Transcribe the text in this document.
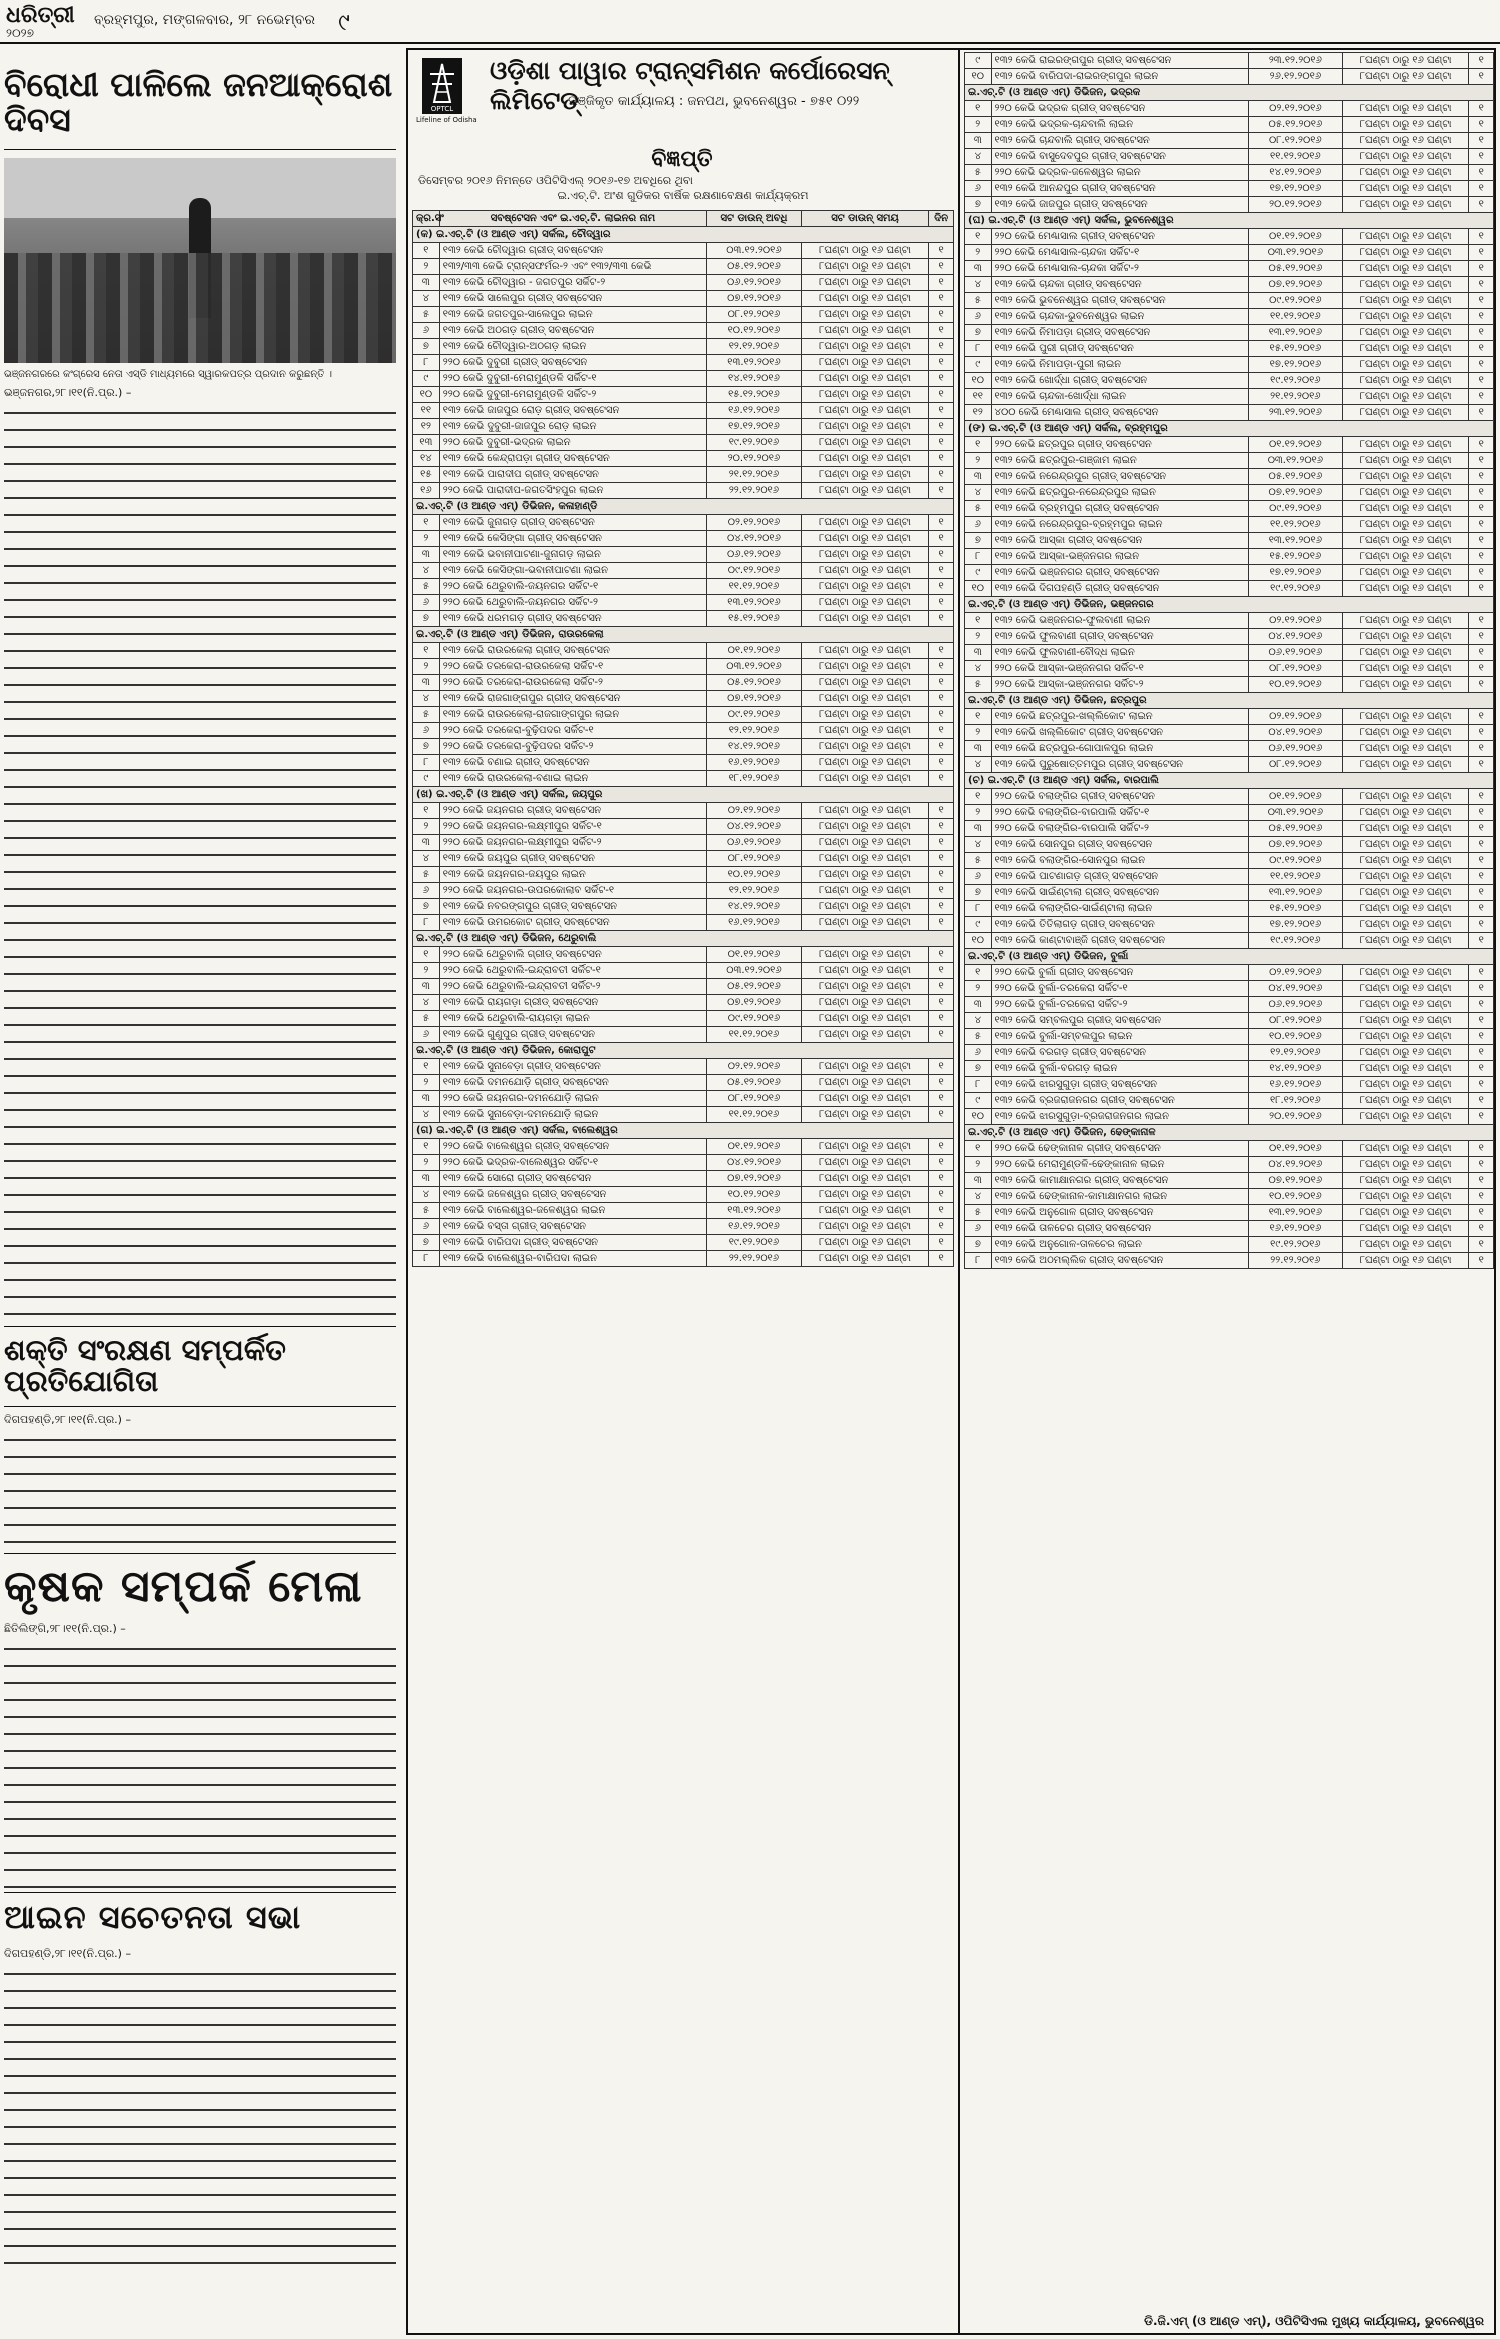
ଧରିତ୍ରୀ
୨୦୨୭
ବ୍ରହ୍ମପୁର, ମଙ୍ଗଳବାର, ୨୮ ନଭେମ୍ବର ୯
ବିରୋଧୀ ପାଳିଲେ ଜନଆକ୍ରୋଶ ଦିବସ
ଭଞ୍ଜନଗରରେ କଂଗ୍ରେସ ନେତା ଏସ୍‌ଡି ମାଧ୍ୟମରେ ସ୍ୱାରକପତ୍ର ପ୍ରଦାନ କରୁଛନ୍ତି ।
ଭଞ୍ଜନଗର,୨୮।୧୧(ନି.ପ୍ର.) –
ଶକ୍ତି ସଂରକ୍ଷଣ ସମ୍ପର୍କିତ ପ୍ରତିଯୋଗିତା
ଦିଗପହଣ୍ଡି,୨୮।୧୧(ନି.ପ୍ର.) –
କୃଷକ ସମ୍ପର୍କ ମେଳା
ଛିତିଲିଙ୍ଗି,୨୮।୧୧(ନି.ପ୍ର.) –
ଆଇନ ସଚେତନତା ସଭା
ଦିଗପହଣ୍ଡି,୨୮।୧୧(ନି.ପ୍ର.) –
OPTCL
Lifeline of Odisha
ଓଡ଼ିଶା ପାୱାର ଟ୍ରାନ୍ସମିଶନ କର୍ପୋରେସନ୍ ଲିମିଟେଡ୍
ପଞ୍ଜିକୃତ କାର୍ଯ୍ୟାଳୟ : ଜନପଥ, ଭୁବନେଶ୍ୱର - ୭୫୧ ୦୨୨
ବିଜ୍ଞପ୍ତି
ଡିସେମ୍ବର ୨୦୧୬ ନିମନ୍ତେ ଓପିଟିସିଏଲ୍ ୨୦୧୬-୧୭ ଅବଧିରେ ଥିବା
ଇ.ଏଚ୍.ଟି. ଅଂଶ ଗୁଡିକର ବାର୍ଷିକ ରକ୍ଷଣାବେକ୍ଷଣ କାର୍ଯ୍ୟକ୍ରମ
କ୍ର.ସଂ	ସବଷ୍ଟେସନ ଏବଂ ଇ.ଏଚ୍.ଟି. ଲାଇନର ନାମ	ସଟ ଡାଉନ୍ ଅବଧି	ସଟ ଡାଉନ୍ ସମୟ	ଦିନ
(କ) ଇ.ଏଚ୍.ଟି (ଓ ଆଣ୍ଡ ଏମ୍) ସର୍କଲ, ଚୌଦ୍ୱାର				
୧	୧୩୨ କେଭି ଚୌଦ୍ୱାର ଗ୍ରୀଡ୍ ସବଷ୍ଟେସନ	୦୩.୧୨.୨୦୧୬	୮ଘଣ୍ଟା ଠାରୁ ୧୬ ଘଣ୍ଟା	୧
୨	୧୩୨/୩୩ କେଭି ଟ୍ରାନ୍ସଫର୍ମର-୨ ଏବଂ ୧୩୨/୩୩ କେଭି	୦୫.୧୨.୨୦୧୬	୮ଘଣ୍ଟା ଠାରୁ ୧୬ ଘଣ୍ଟା	୧
୩	୧୩୨ କେଭି ଚୌଦ୍ୱାର - ଜଗତପୁର ସର୍କିଟ-୨	୦୬.୧୨.୨୦୧୬	୮ଘଣ୍ଟା ଠାରୁ ୧୬ ଘଣ୍ଟା	୧
୪	୧୩୨ କେଭି ସାଲେପୁର ଗ୍ରୀଡ୍ ସବଷ୍ଟେସନ	୦୭.୧୨.୨୦୧୬	୮ଘଣ୍ଟା ଠାରୁ ୧୬ ଘଣ୍ଟା	୧
୫	୧୩୨ କେଭି ଜଗତପୁର-ସାଲେପୁର ଲାଇନ	୦୮.୧୨.୨୦୧୬	୮ଘଣ୍ଟା ଠାରୁ ୧୬ ଘଣ୍ଟା	୧
୬	୧୩୨ କେଭି ଅଠଗଡ଼ ଗ୍ରୀଡ୍ ସବଷ୍ଟେସନ	୧୦.୧୨.୨୦୧୬	୮ଘଣ୍ଟା ଠାରୁ ୧୬ ଘଣ୍ଟା	୧
୭	୧୩୨ କେଭି ଚୌଦ୍ୱାର-ଅଠଗଡ଼ ଲାଇନ	୧୨.୧୨.୨୦୧୬	୮ଘଣ୍ଟା ଠାରୁ ୧୬ ଘଣ୍ଟା	୧
୮	୨୨୦ କେଭି ଦୁବୁରୀ ଗ୍ରୀଡ୍ ସବଷ୍ଟେସନ	୧୩.୧୨.୨୦୧୬	୮ଘଣ୍ଟା ଠାରୁ ୧୬ ଘଣ୍ଟା	୧
୯	୨୨୦ କେଭି ଦୁବୁରୀ-ମେରାମୁଣ୍ଡଳି ସର୍କିଟ-୧	୧୪.୧୨.୨୦୧୬	୮ଘଣ୍ଟା ଠାରୁ ୧୬ ଘଣ୍ଟା	୧
୧୦	୨୨୦ କେଭି ଦୁବୁରୀ-ମେରାମୁଣ୍ଡଳି ସର୍କିଟ-୨	୧୫.୧୨.୨୦୧୬	୮ଘଣ୍ଟା ଠାରୁ ୧୬ ଘଣ୍ଟା	୧
୧୧	୧୩୨ କେଭି ଜାଜପୁର ରୋଡ଼ ଗ୍ରୀଡ୍ ସବଷ୍ଟେସନ	୧୬.୧୨.୨୦୧୬	୮ଘଣ୍ଟା ଠାରୁ ୧୬ ଘଣ୍ଟା	୧
୧୨	୧୩୨ କେଭି ଦୁବୁରୀ-ଜାଜପୁର ରୋଡ଼ ଲାଇନ	୧୭.୧୨.୨୦୧୬	୮ଘଣ୍ଟା ଠାରୁ ୧୬ ଘଣ୍ଟା	୧
୧୩	୨୨୦ କେଭି ଦୁବୁରୀ-ଭଦ୍ରକ ଲାଇନ	୧୯.୧୨.୨୦୧୬	୮ଘଣ୍ଟା ଠାରୁ ୧୬ ଘଣ୍ଟା	୧
୧୪	୧୩୨ କେଭି କେନ୍ଦ୍ରାପଡ଼ା ଗ୍ରୀଡ୍ ସବଷ୍ଟେସନ	୨୦.୧୨.୨୦୧୬	୮ଘଣ୍ଟା ଠାରୁ ୧୬ ଘଣ୍ଟା	୧
୧୫	୧୩୨ କେଭି ପାରାଦୀପ ଗ୍ରୀଡ୍ ସବଷ୍ଟେସନ	୨୧.୧୨.୨୦୧୬	୮ଘଣ୍ଟା ଠାରୁ ୧୬ ଘଣ୍ଟା	୧
୧୬	୨୨୦ କେଭି ପାରାଦୀପ-ଜଗତସିଂହପୁର ଲାଇନ	୨୨.୧୨.୨୦୧୬	୮ଘଣ୍ଟା ଠାରୁ ୧୬ ଘଣ୍ଟା	୧
ଇ.ଏଚ୍.ଟି (ଓ ଆଣ୍ଡ ଏମ୍) ଡିଭିଜନ, କଳାହାଣ୍ଡି				
୧	୧୩୨ କେଭି ଜୁନାଗଡ଼ ଗ୍ରୀଡ୍ ସବଷ୍ଟେସନ	୦୨.୧୨.୨୦୧୬	୮ଘଣ୍ଟା ଠାରୁ ୧୬ ଘଣ୍ଟା	୧
୨	୧୩୨ କେଭି କେସିଙ୍ଗା ଗ୍ରୀଡ୍ ସବଷ୍ଟେସନ	୦୪.୧୨.୨୦୧୬	୮ଘଣ୍ଟା ଠାରୁ ୧୬ ଘଣ୍ଟା	୧
୩	୧୩୨ କେଭି ଭବାନୀପାଟଣା-ଜୁନାଗଡ଼ ଲାଇନ	୦୬.୧୨.୨୦୧୬	୮ଘଣ୍ଟା ଠାରୁ ୧୬ ଘଣ୍ଟା	୧
୪	୧୩୨ କେଭି କେସିଙ୍ଗା-ଭବାନୀପାଟଣା ଲାଇନ	୦୯.୧୨.୨୦୧୬	୮ଘଣ୍ଟା ଠାରୁ ୧୬ ଘଣ୍ଟା	୧
୫	୨୨୦ କେଭି ଥେରୁବାଲି-ଜୟନଗର ସର୍କିଟ-୧	୧୧.୧୨.୨୦୧୬	୮ଘଣ୍ଟା ଠାରୁ ୧୬ ଘଣ୍ଟା	୧
୬	୨୨୦ କେଭି ଥେରୁବାଲି-ଜୟନଗର ସର୍କିଟ-୨	୧୩.୧୨.୨୦୧୬	୮ଘଣ୍ଟା ଠାରୁ ୧୬ ଘଣ୍ଟା	୧
୭	୧୩୨ କେଭି ଧରମଗଡ଼ ଗ୍ରୀଡ୍ ସବଷ୍ଟେସନ	୧୫.୧୨.୨୦୧୬	୮ଘଣ୍ଟା ଠାରୁ ୧୬ ଘଣ୍ଟା	୧
ଇ.ଏଚ୍.ଟି (ଓ ଆଣ୍ଡ ଏମ୍) ଡିଭିଜନ, ରାଉରକେଲା				
୧	୧୩୨ କେଭି ରାଉରକେଲା ଗ୍ରୀଡ୍ ସବଷ୍ଟେସନ	୦୧.୧୨.୨୦୧୬	୮ଘଣ୍ଟା ଠାରୁ ୧୬ ଘଣ୍ଟା	୧
୨	୨୨୦ କେଭି ତରକେରା-ରାଉରକେଲା ସର୍କିଟ-୧	୦୩.୧୨.୨୦୧୬	୮ଘଣ୍ଟା ଠାରୁ ୧୬ ଘଣ୍ଟା	୧
୩	୨୨୦ କେଭି ତରକେରା-ରାଉରକେଲା ସର୍କିଟ-୨	୦୫.୧୨.୨୦୧୬	୮ଘଣ୍ଟା ଠାରୁ ୧୬ ଘଣ୍ଟା	୧
୪	୧୩୨ କେଭି ରାଜଗାଙ୍ଗପୁର ଗ୍ରୀଡ୍ ସବଷ୍ଟେସନ	୦୭.୧୨.୨୦୧୬	୮ଘଣ୍ଟା ଠାରୁ ୧୬ ଘଣ୍ଟା	୧
୫	୧୩୨ କେଭି ରାଉରକେଲା-ରାଜଗାଙ୍ଗପୁର ଲାଇନ	୦୯.୧୨.୨୦୧୬	୮ଘଣ୍ଟା ଠାରୁ ୧୬ ଘଣ୍ଟା	୧
୬	୨୨୦ କେଭି ତରକେରା-ବୁଢ଼ିପଦର ସର୍କିଟ-୧	୧୨.୧୨.୨୦୧୬	୮ଘଣ୍ଟା ଠାରୁ ୧୬ ଘଣ୍ଟା	୧
୭	୨୨୦ କେଭି ତରକେରା-ବୁଢ଼ିପଦର ସର୍କିଟ-୨	୧୪.୧୨.୨୦୧୬	୮ଘଣ୍ଟା ଠାରୁ ୧୬ ଘଣ୍ଟା	୧
୮	୧୩୨ କେଭି ବଣାଇ ଗ୍ରୀଡ୍ ସବଷ୍ଟେସନ	୧୬.୧୨.୨୦୧୬	୮ଘଣ୍ଟା ଠାରୁ ୧୬ ଘଣ୍ଟା	୧
୯	୧୩୨ କେଭି ରାଉରକେଲା-ବଣାଇ ଲାଇନ	୧୮.୧୨.୨୦୧୬	୮ଘଣ୍ଟା ଠାରୁ ୧୬ ଘଣ୍ଟା	୧
(ଖ) ଇ.ଏଚ୍.ଟି (ଓ ଆଣ୍ଡ ଏମ୍) ସର୍କଲ, ଜୟପୁର				
୧	୨୨୦ କେଭି ଜୟନଗର ଗ୍ରୀଡ୍ ସବଷ୍ଟେସନ	୦୨.୧୨.୨୦୧୬	୮ଘଣ୍ଟା ଠାରୁ ୧୬ ଘଣ୍ଟା	୧
୨	୨୨୦ କେଭି ଜୟନଗର-ଲକ୍ଷ୍ମୀପୁର ସର୍କିଟ-୧	୦୪.୧୨.୨୦୧୬	୮ଘଣ୍ଟା ଠାରୁ ୧୬ ଘଣ୍ଟା	୧
୩	୨୨୦ କେଭି ଜୟନଗର-ଲକ୍ଷ୍ମୀପୁର ସର୍କିଟ-୨	୦୬.୧୨.୨୦୧୬	୮ଘଣ୍ଟା ଠାରୁ ୧୬ ଘଣ୍ଟା	୧
୪	୧୩୨ କେଭି ଜୟପୁର ଗ୍ରୀଡ୍ ସବଷ୍ଟେସନ	୦୮.୧୨.୨୦୧୬	୮ଘଣ୍ଟା ଠାରୁ ୧୬ ଘଣ୍ଟା	୧
୫	୧୩୨ କେଭି ଜୟନଗର-ଜୟପୁର ଲାଇନ	୧୦.୧୨.୨୦୧୬	୮ଘଣ୍ଟା ଠାରୁ ୧୬ ଘଣ୍ଟା	୧
୬	୨୨୦ କେଭି ଜୟନଗର-ଉପରକୋଲାବ ସର୍କିଟ-୧	୧୨.୧୨.୨୦୧୬	୮ଘଣ୍ଟା ଠାରୁ ୧୬ ଘଣ୍ଟା	୧
୭	୧୩୨ କେଭି ନବରଙ୍ଗପୁର ଗ୍ରୀଡ୍ ସବଷ୍ଟେସନ	୧୪.୧୨.୨୦୧୬	୮ଘଣ୍ଟା ଠାରୁ ୧୬ ଘଣ୍ଟା	୧
୮	୧୩୨ କେଭି ଉମରକୋଟ ଗ୍ରୀଡ୍ ସବଷ୍ଟେସନ	୧୬.୧୨.୨୦୧୬	୮ଘଣ୍ଟା ଠାରୁ ୧୬ ଘଣ୍ଟା	୧
ଇ.ଏଚ୍.ଟି (ଓ ଆଣ୍ଡ ଏମ୍) ଡିଭିଜନ, ଥେରୁବାଲି				
୧	୨୨୦ କେଭି ଥେରୁବାଲି ଗ୍ରୀଡ୍ ସବଷ୍ଟେସନ	୦୧.୧୨.୨୦୧୬	୮ଘଣ୍ଟା ଠାରୁ ୧୬ ଘଣ୍ଟା	୧
୨	୨୨୦ କେଭି ଥେରୁବାଲି-ଇନ୍ଦ୍ରାବତୀ ସର୍କିଟ-୧	୦୩.୧୨.୨୦୧୬	୮ଘଣ୍ଟା ଠାରୁ ୧୬ ଘଣ୍ଟା	୧
୩	୨୨୦ କେଭି ଥେରୁବାଲି-ଇନ୍ଦ୍ରାବତୀ ସର୍କିଟ-୨	୦୫.୧୨.୨୦୧୬	୮ଘଣ୍ଟା ଠାରୁ ୧୬ ଘଣ୍ଟା	୧
୪	୧୩୨ କେଭି ରାୟଗଡ଼ା ଗ୍ରୀଡ୍ ସବଷ୍ଟେସନ	୦୭.୧୨.୨୦୧୬	୮ଘଣ୍ଟା ଠାରୁ ୧୬ ଘଣ୍ଟା	୧
୫	୧୩୨ କେଭି ଥେରୁବାଲି-ରାୟଗଡ଼ା ଲାଇନ	୦୯.୧୨.୨୦୧୬	୮ଘଣ୍ଟା ଠାରୁ ୧୬ ଘଣ୍ଟା	୧
୬	୧୩୨ କେଭି ଗୁଣୁପୁର ଗ୍ରୀଡ୍ ସବଷ୍ଟେସନ	୧୧.୧୨.୨୦୧୬	୮ଘଣ୍ଟା ଠାରୁ ୧୬ ଘଣ୍ଟା	୧
ଇ.ଏଚ୍.ଟି (ଓ ଆଣ୍ଡ ଏମ୍) ଡିଭିଜନ, କୋରାପୁଟ				
୧	୧୩୨ କେଭି ସୁନାବେଡ଼ା ଗ୍ରୀଡ୍ ସବଷ୍ଟେସନ	୦୨.୧୨.୨୦୧୬	୮ଘଣ୍ଟା ଠାରୁ ୧୬ ଘଣ୍ଟା	୧
୨	୧୩୨ କେଭି ଦମନଯୋଡ଼ି ଗ୍ରୀଡ୍ ସବଷ୍ଟେସନ	୦୫.୧୨.୨୦୧୬	୮ଘଣ୍ଟା ଠାରୁ ୧୬ ଘଣ୍ଟା	୧
୩	୨୨୦ କେଭି ଜୟନଗର-ଦମନଯୋଡ଼ି ଲାଇନ	୦୮.୧୨.୨୦୧୬	୮ଘଣ୍ଟା ଠାରୁ ୧୬ ଘଣ୍ଟା	୧
୪	୧୩୨ କେଭି ସୁନାବେଡ଼ା-ଦମନଯୋଡ଼ି ଲାଇନ	୧୧.୧୨.୨୦୧୬	୮ଘଣ୍ଟା ଠାରୁ ୧୬ ଘଣ୍ଟା	୧
(ଗ) ଇ.ଏଚ୍.ଟି (ଓ ଆଣ୍ଡ ଏମ୍) ସର୍କଲ, ବାଲେଶ୍ୱର				
୧	୨୨୦ କେଭି ବାଲେଶ୍ୱର ଗ୍ରୀଡ୍ ସବଷ୍ଟେସନ	୦୧.୧୨.୨୦୧୬	୮ଘଣ୍ଟା ଠାରୁ ୧୬ ଘଣ୍ଟା	୧
୨	୨୨୦ କେଭି ଭଦ୍ରକ-ବାଲେଶ୍ୱର ସର୍କିଟ-୧	୦୪.୧୨.୨୦୧୬	୮ଘଣ୍ଟା ଠାରୁ ୧୬ ଘଣ୍ଟା	୧
୩	୧୩୨ କେଭି ସୋରୋ ଗ୍ରୀଡ୍ ସବଷ୍ଟେସନ	୦୭.୧୨.୨୦୧୬	୮ଘଣ୍ଟା ଠାରୁ ୧୬ ଘଣ୍ଟା	୧
୪	୧୩୨ କେଭି ଜଳେଶ୍ୱର ଗ୍ରୀଡ୍ ସବଷ୍ଟେସନ	୧୦.୧୨.୨୦୧୬	୮ଘଣ୍ଟା ଠାରୁ ୧୬ ଘଣ୍ଟା	୧
୫	୧୩୨ କେଭି ବାଲେଶ୍ୱର-ଜଳେଶ୍ୱର ଲାଇନ	୧୩.୧୨.୨୦୧୬	୮ଘଣ୍ଟା ଠାରୁ ୧୬ ଘଣ୍ଟା	୧
୬	୧୩୨ କେଭି ବସ୍ତା ଗ୍ରୀଡ୍ ସବଷ୍ଟେସନ	୧୬.୧୨.୨୦୧୬	୮ଘଣ୍ଟା ଠାରୁ ୧୬ ଘଣ୍ଟା	୧
୭	୧୩୨ କେଭି ବାରିପଦା ଗ୍ରୀଡ୍ ସବଷ୍ଟେସନ	୧୯.୧୨.୨୦୧୬	୮ଘଣ୍ଟା ଠାରୁ ୧୬ ଘଣ୍ଟା	୧
୮	୧୩୨ କେଭି ବାଲେଶ୍ୱର-ବାରିପଦା ଲାଇନ	୨୨.୧୨.୨୦୧୬	୮ଘଣ୍ଟା ଠାରୁ ୧୬ ଘଣ୍ଟା	୧
୯	୧୩୨ କେଭି ରାଇରଙ୍ଗପୁର ଗ୍ରୀଡ୍ ସବଷ୍ଟେସନ	୨୩.୧୨.୨୦୧୬	୮ଘଣ୍ଟା ଠାରୁ ୧୬ ଘଣ୍ଟା	୧
୧୦	୧୩୨ କେଭି ବାରିପଦା-ରାଇରଙ୍ଗପୁର ଲାଇନ	୨୬.୧୨.୨୦୧୬	୮ଘଣ୍ଟା ଠାରୁ ୧୬ ଘଣ୍ଟା	୧
ଇ.ଏଚ୍.ଟି (ଓ ଆଣ୍ଡ ଏମ୍) ଡିଭିଜନ, ଭଦ୍ରକ				
୧	୨୨୦ କେଭି ଭଦ୍ରକ ଗ୍ରୀଡ୍ ସବଷ୍ଟେସନ	୦୨.୧୨.୨୦୧୬	୮ଘଣ୍ଟା ଠାରୁ ୧୬ ଘଣ୍ଟା	୧
୨	୧୩୨ କେଭି ଭଦ୍ରକ-ଚାନ୍ଦବାଲି ଲାଇନ	୦୫.୧୨.୨୦୧୬	୮ଘଣ୍ଟା ଠାରୁ ୧୬ ଘଣ୍ଟା	୧
୩	୧୩୨ କେଭି ଚାନ୍ଦବାଲି ଗ୍ରୀଡ୍ ସବଷ୍ଟେସନ	୦୮.୧୨.୨୦୧୬	୮ଘଣ୍ଟା ଠାରୁ ୧୬ ଘଣ୍ଟା	୧
୪	୧୩୨ କେଭି ବାସୁଦେବପୁର ଗ୍ରୀଡ୍ ସବଷ୍ଟେସନ	୧୧.୧୨.୨୦୧୬	୮ଘଣ୍ଟା ଠାରୁ ୧୬ ଘଣ୍ଟା	୧
୫	୨୨୦ କେଭି ଭଦ୍ରକ-ଜଳେଶ୍ୱର ଲାଇନ	୧୪.୧୨.୨୦୧୬	୮ଘଣ୍ଟା ଠାରୁ ୧୬ ଘଣ୍ଟା	୧
୬	୧୩୨ କେଭି ଆନନ୍ଦପୁର ଗ୍ରୀଡ୍ ସବଷ୍ଟେସନ	୧୭.୧୨.୨୦୧୬	୮ଘଣ୍ଟା ଠାରୁ ୧୬ ଘଣ୍ଟା	୧
୭	୧୩୨ କେଭି ଜାଜପୁର ଗ୍ରୀଡ୍ ସବଷ୍ଟେସନ	୨୦.୧୨.୨୦୧୬	୮ଘଣ୍ଟା ଠାରୁ ୧୬ ଘଣ୍ଟା	୧
(ଘ) ଇ.ଏଚ୍.ଟି (ଓ ଆଣ୍ଡ ଏମ୍) ସର୍କଲ, ଭୁବନେଶ୍ୱର				
୧	୨୨୦ କେଭି ମେଣ୍ଢାସାଲ ଗ୍ରୀଡ୍ ସବଷ୍ଟେସନ	୦୧.୧୨.୨୦୧୬	୮ଘଣ୍ଟା ଠାରୁ ୧୬ ଘଣ୍ଟା	୧
୨	୨୨୦ କେଭି ମେଣ୍ଢାସାଲ-ଚାନ୍ଦକା ସର୍କିଟ-୧	୦୩.୧୨.୨୦୧୬	୮ଘଣ୍ଟା ଠାରୁ ୧୬ ଘଣ୍ଟା	୧
୩	୨୨୦ କେଭି ମେଣ୍ଢାସାଲ-ଚାନ୍ଦକା ସର୍କିଟ-୨	୦୫.୧୨.୨୦୧୬	୮ଘଣ୍ଟା ଠାରୁ ୧୬ ଘଣ୍ଟା	୧
୪	୧୩୨ କେଭି ଚାନ୍ଦକା ଗ୍ରୀଡ୍ ସବଷ୍ଟେସନ	୦୭.୧୨.୨୦୧୬	୮ଘଣ୍ଟା ଠାରୁ ୧୬ ଘଣ୍ଟା	୧
୫	୧୩୨ କେଭି ଭୁବନେଶ୍ୱର ଗ୍ରୀଡ୍ ସବଷ୍ଟେସନ	୦୯.୧୨.୨୦୧୬	୮ଘଣ୍ଟା ଠାରୁ ୧୬ ଘଣ୍ଟା	୧
୬	୧୩୨ କେଭି ଚାନ୍ଦକା-ଭୁବନେଶ୍ୱର ଲାଇନ	୧୧.୧୨.୨୦୧୬	୮ଘଣ୍ଟା ଠାରୁ ୧୬ ଘଣ୍ଟା	୧
୭	୧୩୨ କେଭି ନିମାପଡ଼ା ଗ୍ରୀଡ୍ ସବଷ୍ଟେସନ	୧୩.୧୨.୨୦୧୬	୮ଘଣ୍ଟା ଠାରୁ ୧୬ ଘଣ୍ଟା	୧
୮	୧୩୨ କେଭି ପୁରୀ ଗ୍ରୀଡ୍ ସବଷ୍ଟେସନ	୧୫.୧୨.୨୦୧୬	୮ଘଣ୍ଟା ଠାରୁ ୧୬ ଘଣ୍ଟା	୧
୯	୧୩୨ କେଭି ନିମାପଡ଼ା-ପୁରୀ ଲାଇନ	୧୭.୧୨.୨୦୧୬	୮ଘଣ୍ଟା ଠାରୁ ୧୬ ଘଣ୍ଟା	୧
୧୦	୧୩୨ କେଭି ଖୋର୍ଦ୍ଧା ଗ୍ରୀଡ୍ ସବଷ୍ଟେସନ	୧୯.୧୨.୨୦୧୬	୮ଘଣ୍ଟା ଠାରୁ ୧୬ ଘଣ୍ଟା	୧
୧୧	୧୩୨ କେଭି ଚାନ୍ଦକା-ଖୋର୍ଦ୍ଧା ଲାଇନ	୨୧.୧୨.୨୦୧୬	୮ଘଣ୍ଟା ଠାରୁ ୧୬ ଘଣ୍ଟା	୧
୧୨	୪୦୦ କେଭି ମେଣ୍ଢାସାଲ ଗ୍ରୀଡ୍ ସବଷ୍ଟେସନ	୨୩.୧୨.୨୦୧୬	୮ଘଣ୍ଟା ଠାରୁ ୧୬ ଘଣ୍ଟା	୧
(ଙ) ଇ.ଏଚ୍.ଟି (ଓ ଆଣ୍ଡ ଏମ୍) ସର୍କଲ, ବ୍ରହ୍ମପୁର				
୧	୨୨୦ କେଭି ଛତ୍ରପୁର ଗ୍ରୀଡ୍ ସବଷ୍ଟେସନ	୦୧.୧୨.୨୦୧୬	୮ଘଣ୍ଟା ଠାରୁ ୧୬ ଘଣ୍ଟା	୧
୨	୧୩୨ କେଭି ଛତ୍ରପୁର-ଗଞ୍ଜାମ ଲାଇନ	୦୩.୧୨.୨୦୧୬	୮ଘଣ୍ଟା ଠାରୁ ୧୬ ଘଣ୍ଟା	୧
୩	୧୩୨ କେଭି ନରେନ୍ଦ୍ରପୁର ଗ୍ରୀଡ୍ ସବଷ୍ଟେସନ	୦୫.୧୨.୨୦୧୬	୮ଘଣ୍ଟା ଠାରୁ ୧୬ ଘଣ୍ଟା	୧
୪	୧୩୨ କେଭି ଛତ୍ରପୁର-ନରେନ୍ଦ୍ରପୁର ଲାଇନ	୦୭.୧୨.୨୦୧୬	୮ଘଣ୍ଟା ଠାରୁ ୧୬ ଘଣ୍ଟା	୧
୫	୧୩୨ କେଭି ବ୍ରହ୍ମପୁର ଗ୍ରୀଡ୍ ସବଷ୍ଟେସନ	୦୯.୧୨.୨୦୧୬	୮ଘଣ୍ଟା ଠାରୁ ୧୬ ଘଣ୍ଟା	୧
୬	୧୩୨ କେଭି ନରେନ୍ଦ୍ରପୁର-ବ୍ରହ୍ମପୁର ଲାଇନ	୧୧.୧୨.୨୦୧୬	୮ଘଣ୍ଟା ଠାରୁ ୧୬ ଘଣ୍ଟା	୧
୭	୧୩୨ କେଭି ଆସ୍କା ଗ୍ରୀଡ୍ ସବଷ୍ଟେସନ	୧୩.୧୨.୨୦୧୬	୮ଘଣ୍ଟା ଠାରୁ ୧୬ ଘଣ୍ଟା	୧
୮	୧୩୨ କେଭି ଆସ୍କା-ଭଞ୍ଜନଗର ଲାଇନ	୧୫.୧୨.୨୦୧୬	୮ଘଣ୍ଟା ଠାରୁ ୧୬ ଘଣ୍ଟା	୧
୯	୧୩୨ କେଭି ଭଞ୍ଜନଗର ଗ୍ରୀଡ୍ ସବଷ୍ଟେସନ	୧୭.୧୨.୨୦୧୬	୮ଘଣ୍ଟା ଠାରୁ ୧୬ ଘଣ୍ଟା	୧
୧୦	୧୩୨ କେଭି ଦିଗପହଣ୍ଡି ଗ୍ରୀଡ୍ ସବଷ୍ଟେସନ	୧୯.୧୨.୨୦୧୬	୮ଘଣ୍ଟା ଠାରୁ ୧୬ ଘଣ୍ଟା	୧
ଇ.ଏଚ୍.ଟି (ଓ ଆଣ୍ଡ ଏମ୍) ଡିଭିଜନ, ଭଞ୍ଜନଗର				
୧	୧୩୨ କେଭି ଭଞ୍ଜନଗର-ଫୁଲବାଣୀ ଲାଇନ	୦୨.୧୨.୨୦୧୬	୮ଘଣ୍ଟା ଠାରୁ ୧୬ ଘଣ୍ଟା	୧
୨	୧୩୨ କେଭି ଫୁଲବାଣୀ ଗ୍ରୀଡ୍ ସବଷ୍ଟେସନ	୦୪.୧୨.୨୦୧୬	୮ଘଣ୍ଟା ଠାରୁ ୧୬ ଘଣ୍ଟା	୧
୩	୧୩୨ କେଭି ଫୁଲବାଣୀ-ବୌଦ୍ଧ ଲାଇନ	୦୬.୧୨.୨୦୧୬	୮ଘଣ୍ଟା ଠାରୁ ୧୬ ଘଣ୍ଟା	୧
୪	୨୨୦ କେଭି ଆସ୍କା-ଭଞ୍ଜନଗର ସର୍କିଟ-୧	୦୮.୧୨.୨୦୧୬	୮ଘଣ୍ଟା ଠାରୁ ୧୬ ଘଣ୍ଟା	୧
୫	୨୨୦ କେଭି ଆସ୍କା-ଭଞ୍ଜନଗର ସର୍କିଟ-୨	୧୦.୧୨.୨୦୧୬	୮ଘଣ୍ଟା ଠାରୁ ୧୬ ଘଣ୍ଟା	୧
ଇ.ଏଚ୍.ଟି (ଓ ଆଣ୍ଡ ଏମ୍) ଡିଭିଜନ, ଛତ୍ରପୁର				
୧	୧୩୨ କେଭି ଛତ୍ରପୁର-ଖଲ୍ଲିକୋଟ ଲାଇନ	୦୨.୧୨.୨୦୧୬	୮ଘଣ୍ଟା ଠାରୁ ୧୬ ଘଣ୍ଟା	୧
୨	୧୩୨ କେଭି ଖଲ୍ଲିକୋଟ ଗ୍ରୀଡ୍ ସବଷ୍ଟେସନ	୦୪.୧୨.୨୦୧୬	୮ଘଣ୍ଟା ଠାରୁ ୧୬ ଘଣ୍ଟା	୧
୩	୧୩୨ କେଭି ଛତ୍ରପୁର-ଗୋପାଳପୁର ଲାଇନ	୦୬.୧୨.୨୦୧୬	୮ଘଣ୍ଟା ଠାରୁ ୧୬ ଘଣ୍ଟା	୧
୪	୧୩୨ କେଭି ପୁରୁଷୋତ୍ତମପୁର ଗ୍ରୀଡ୍ ସବଷ୍ଟେସନ	୦୮.୧୨.୨୦୧୬	୮ଘଣ୍ଟା ଠାରୁ ୧୬ ଘଣ୍ଟା	୧
(ଚ) ଇ.ଏଚ୍.ଟି (ଓ ଆଣ୍ଡ ଏମ୍) ସର୍କଲ, ବାରପାଲି				
୧	୨୨୦ କେଭି ବଲାଙ୍ଗିର ଗ୍ରୀଡ୍ ସବଷ୍ଟେସନ	୦୧.୧୨.୨୦୧୬	୮ଘଣ୍ଟା ଠାରୁ ୧୬ ଘଣ୍ଟା	୧
୨	୨୨୦ କେଭି ବଲାଙ୍ଗିର-ବାରପାଲି ସର୍କିଟ-୧	୦୩.୧୨.୨୦୧୬	୮ଘଣ୍ଟା ଠାରୁ ୧୬ ଘଣ୍ଟା	୧
୩	୨୨୦ କେଭି ବଲାଙ୍ଗିର-ବାରପାଲି ସର୍କିଟ-୨	୦୫.୧୨.୨୦୧୬	୮ଘଣ୍ଟା ଠାରୁ ୧୬ ଘଣ୍ଟା	୧
୪	୧୩୨ କେଭି ସୋନପୁର ଗ୍ରୀଡ୍ ସବଷ୍ଟେସନ	୦୭.୧୨.୨୦୧୬	୮ଘଣ୍ଟା ଠାରୁ ୧୬ ଘଣ୍ଟା	୧
୫	୧୩୨ କେଭି ବଲାଙ୍ଗିର-ସୋନପୁର ଲାଇନ	୦୯.୧୨.୨୦୧୬	୮ଘଣ୍ଟା ଠାରୁ ୧୬ ଘଣ୍ଟା	୧
୬	୧୩୨ କେଭି ପାଟଣାଗଡ଼ ଗ୍ରୀଡ୍ ସବଷ୍ଟେସନ	୧୧.୧୨.୨୦୧୬	୮ଘଣ୍ଟା ଠାରୁ ୧୬ ଘଣ୍ଟା	୧
୭	୧୩୨ କେଭି ସାଇଁଣ୍ଟାଲା ଗ୍ରୀଡ୍ ସବଷ୍ଟେସନ	୧୩.୧୨.୨୦୧୬	୮ଘଣ୍ଟା ଠାରୁ ୧୬ ଘଣ୍ଟା	୧
୮	୧୩୨ କେଭି ବଲାଙ୍ଗିର-ସାଇଁଣ୍ଟାଲା ଲାଇନ	୧୫.୧୨.୨୦୧୬	୮ଘଣ୍ଟା ଠାରୁ ୧୬ ଘଣ୍ଟା	୧
୯	୧୩୨ କେଭି ତିତିଲାଗଡ଼ ଗ୍ରୀଡ୍ ସବଷ୍ଟେସନ	୧୭.୧୨.୨୦୧୬	୮ଘଣ୍ଟା ଠାରୁ ୧୬ ଘଣ୍ଟା	୧
୧୦	୧୩୨ କେଭି କାଣ୍ଟାବାଞ୍ଜି ଗ୍ରୀଡ୍ ସବଷ୍ଟେସନ	୧୯.୧୨.୨୦୧୬	୮ଘଣ୍ଟା ଠାରୁ ୧୬ ଘଣ୍ଟା	୧
ଇ.ଏଚ୍.ଟି (ଓ ଆଣ୍ଡ ଏମ୍) ଡିଭିଜନ, ବୁର୍ଲା				
୧	୨୨୦ କେଭି ବୁର୍ଲା ଗ୍ରୀଡ୍ ସବଷ୍ଟେସନ	୦୨.୧୨.୨୦୧୬	୮ଘଣ୍ଟା ଠାରୁ ୧୬ ଘଣ୍ଟା	୧
୨	୨୨୦ କେଭି ବୁର୍ଲା-ତରକେରା ସର୍କିଟ-୧	୦୪.୧୨.୨୦୧୬	୮ଘଣ୍ଟା ଠାରୁ ୧୬ ଘଣ୍ଟା	୧
୩	୨୨୦ କେଭି ବୁର୍ଲା-ତରକେରା ସର୍କିଟ-୨	୦୬.୧୨.୨୦୧୬	୮ଘଣ୍ଟା ଠାରୁ ୧୬ ଘଣ୍ଟା	୧
୪	୧୩୨ କେଭି ସମ୍ବଲପୁର ଗ୍ରୀଡ୍ ସବଷ୍ଟେସନ	୦୮.୧୨.୨୦୧୬	୮ଘଣ୍ଟା ଠାରୁ ୧୬ ଘଣ୍ଟା	୧
୫	୧୩୨ କେଭି ବୁର୍ଲା-ସମ୍ବଲପୁର ଲାଇନ	୧୦.୧୨.୨୦୧୬	୮ଘଣ୍ଟା ଠାରୁ ୧୬ ଘଣ୍ଟା	୧
୬	୧୩୨ କେଭି ବରଗଡ଼ ଗ୍ରୀଡ୍ ସବଷ୍ଟେସନ	୧୨.୧୨.୨୦୧୬	୮ଘଣ୍ଟା ଠାରୁ ୧୬ ଘଣ୍ଟା	୧
୭	୧୩୨ କେଭି ବୁର୍ଲା-ବରଗଡ଼ ଲାଇନ	୧୪.୧୨.୨୦୧୬	୮ଘଣ୍ଟା ଠାରୁ ୧୬ ଘଣ୍ଟା	୧
୮	୧୩୨ କେଭି ଝାରସୁଗୁଡ଼ା ଗ୍ରୀଡ୍ ସବଷ୍ଟେସନ	୧୬.୧୨.୨୦୧୬	୮ଘଣ୍ଟା ଠାରୁ ୧୬ ଘଣ୍ଟା	୧
୯	୧୩୨ କେଭି ବ୍ରଜରାଜନଗର ଗ୍ରୀଡ୍ ସବଷ୍ଟେସନ	୧୮.୧୨.୨୦୧୬	୮ଘଣ୍ଟା ଠାରୁ ୧୬ ଘଣ୍ଟା	୧
୧୦	୧୩୨ କେଭି ଝାରସୁଗୁଡ଼ା-ବ୍ରଜରାଜନଗର ଲାଇନ	୨୦.୧୨.୨୦୧୬	୮ଘଣ୍ଟା ଠାରୁ ୧୬ ଘଣ୍ଟା	୧
ଇ.ଏଚ୍.ଟି (ଓ ଆଣ୍ଡ ଏମ୍) ଡିଭିଜନ, ଢେଙ୍କାନାଳ				
୧	୨୨୦ କେଭି ଢେଙ୍କାନାଳ ଗ୍ରୀଡ୍ ସବଷ୍ଟେସନ	୦୧.୧୨.୨୦୧୬	୮ଘଣ୍ଟା ଠାରୁ ୧୬ ଘଣ୍ଟା	୧
୨	୨୨୦ କେଭି ମେରାମୁଣ୍ଡଳି-ଢେଙ୍କାନାଳ ଲାଇନ	୦୪.୧୨.୨୦୧୬	୮ଘଣ୍ଟା ଠାରୁ ୧୬ ଘଣ୍ଟା	୧
୩	୧୩୨ କେଭି କାମାକ୍ଷାନଗର ଗ୍ରୀଡ୍ ସବଷ୍ଟେସନ	୦୭.୧୨.୨୦୧୬	୮ଘଣ୍ଟା ଠାରୁ ୧୬ ଘଣ୍ଟା	୧
୪	୧୩୨ କେଭି ଢେଙ୍କାନାଳ-କାମାକ୍ଷାନଗର ଲାଇନ	୧୦.୧୨.୨୦୧୬	୮ଘଣ୍ଟା ଠାରୁ ୧୬ ଘଣ୍ଟା	୧
୫	୧୩୨ କେଭି ଅନୁଗୋଳ ଗ୍ରୀଡ୍ ସବଷ୍ଟେସନ	୧୩.୧୨.୨୦୧୬	୮ଘଣ୍ଟା ଠାରୁ ୧୬ ଘଣ୍ଟା	୧
୬	୧୩୨ କେଭି ତାଳଚେର ଗ୍ରୀଡ୍ ସବଷ୍ଟେସନ	୧୬.୧୨.୨୦୧୬	୮ଘଣ୍ଟା ଠାରୁ ୧୬ ଘଣ୍ଟା	୧
୭	୧୩୨ କେଭି ଅନୁଗୋଳ-ତାଳଚେର ଲାଇନ	୧୯.୧୨.୨୦୧୬	୮ଘଣ୍ଟା ଠାରୁ ୧୬ ଘଣ୍ଟା	୧
୮	୧୩୨ କେଭି ଅଠମଲ୍ଲିକ ଗ୍ରୀଡ୍ ସବଷ୍ଟେସନ	୨୨.୧୨.୨୦୧୬	୮ଘଣ୍ଟା ଠାରୁ ୧୬ ଘଣ୍ଟା	୧
ଡି.ଜି.ଏମ୍ (ଓ ଆଣ୍ଡ ଏମ୍), ଓପିଟିସିଏଲ ମୁଖ୍ୟ କାର୍ଯ୍ୟାଳୟ, ଭୁବନେଶ୍ୱର
